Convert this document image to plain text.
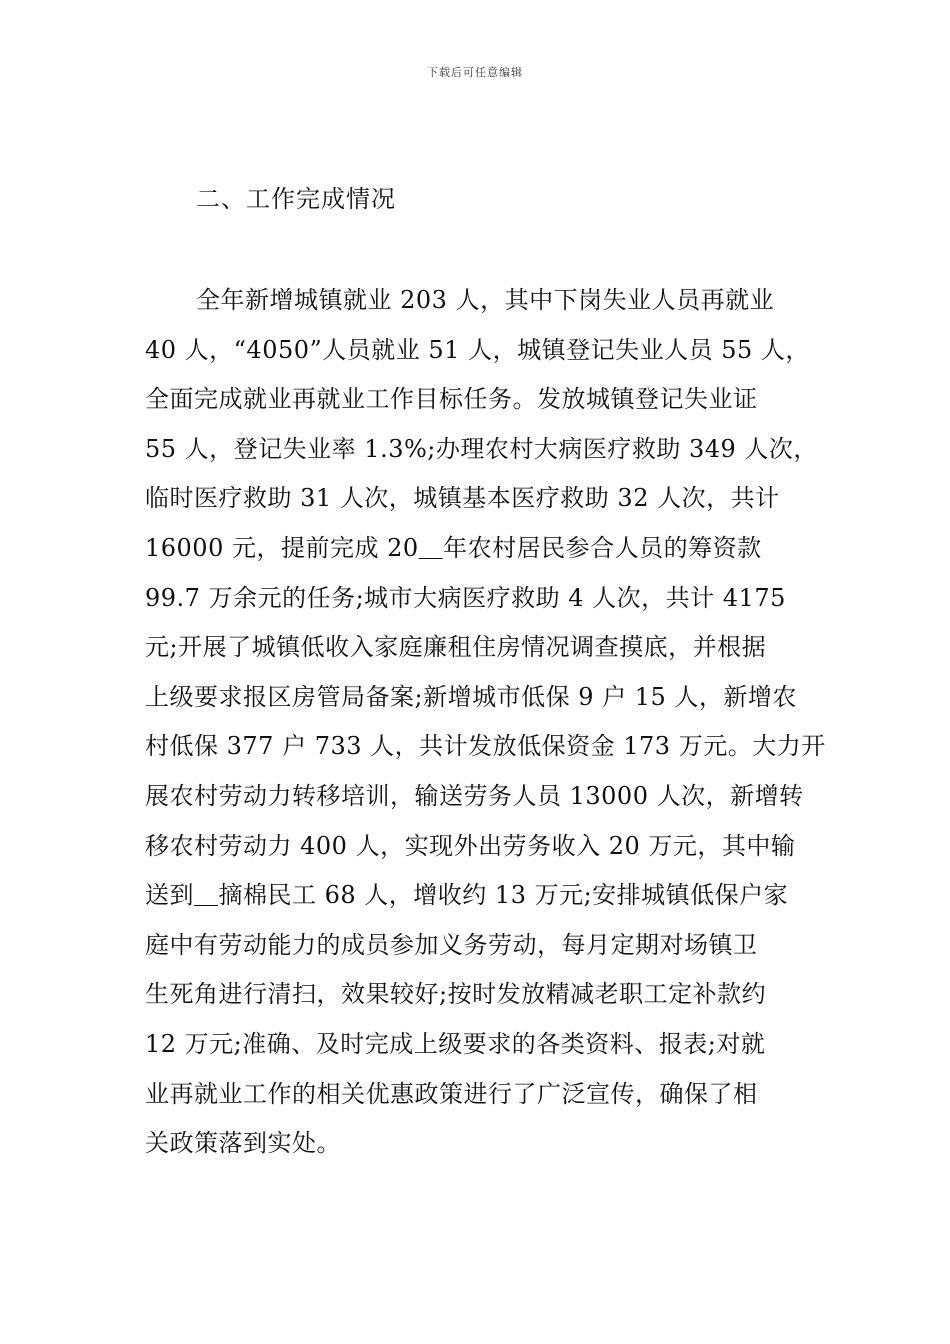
下载后可任意编辑
二、工作完成情况
全年新增城镇就业 203 人，其中下岗失业人员再就业
40 人，“4050”人员就业 51 人，城镇登记失业人员 55 人，
全面完成就业再就业工作目标任务。发放城镇登记失业证
55 人，登记失业率 1.3%;办理农村大病医疗救助 349 人次，
临时医疗救助 31 人次，城镇基本医疗救助 32 人次，共计
16000 元，提前完成 20＿年农村居民参合人员的筹资款
99.7 万余元的任务;城市大病医疗救助 4 人次，共计 4175
元;开展了城镇低收入家庭廉租住房情况调查摸底，并根据
上级要求报区房管局备案;新增城市低保 9 户 15 人，新增农
村低保 377 户 733 人，共计发放低保资金 173 万元。大力开
展农村劳动力转移培训，输送劳务人员 13000 人次，新增转
移农村劳动力 400 人，实现外出劳务收入 20 万元，其中输
送到＿摘棉民工 68 人，增收约 13 万元;安排城镇低保户家
庭中有劳动能力的成员参加义务劳动，每月定期对场镇卫
生死角进行清扫，效果较好;按时发放精减老职工定补款约
12 万元;准确、及时完成上级要求的各类资料、报表;对就
业再就业工作的相关优惠政策进行了广泛宣传，确保了相
关政策落到实处。
